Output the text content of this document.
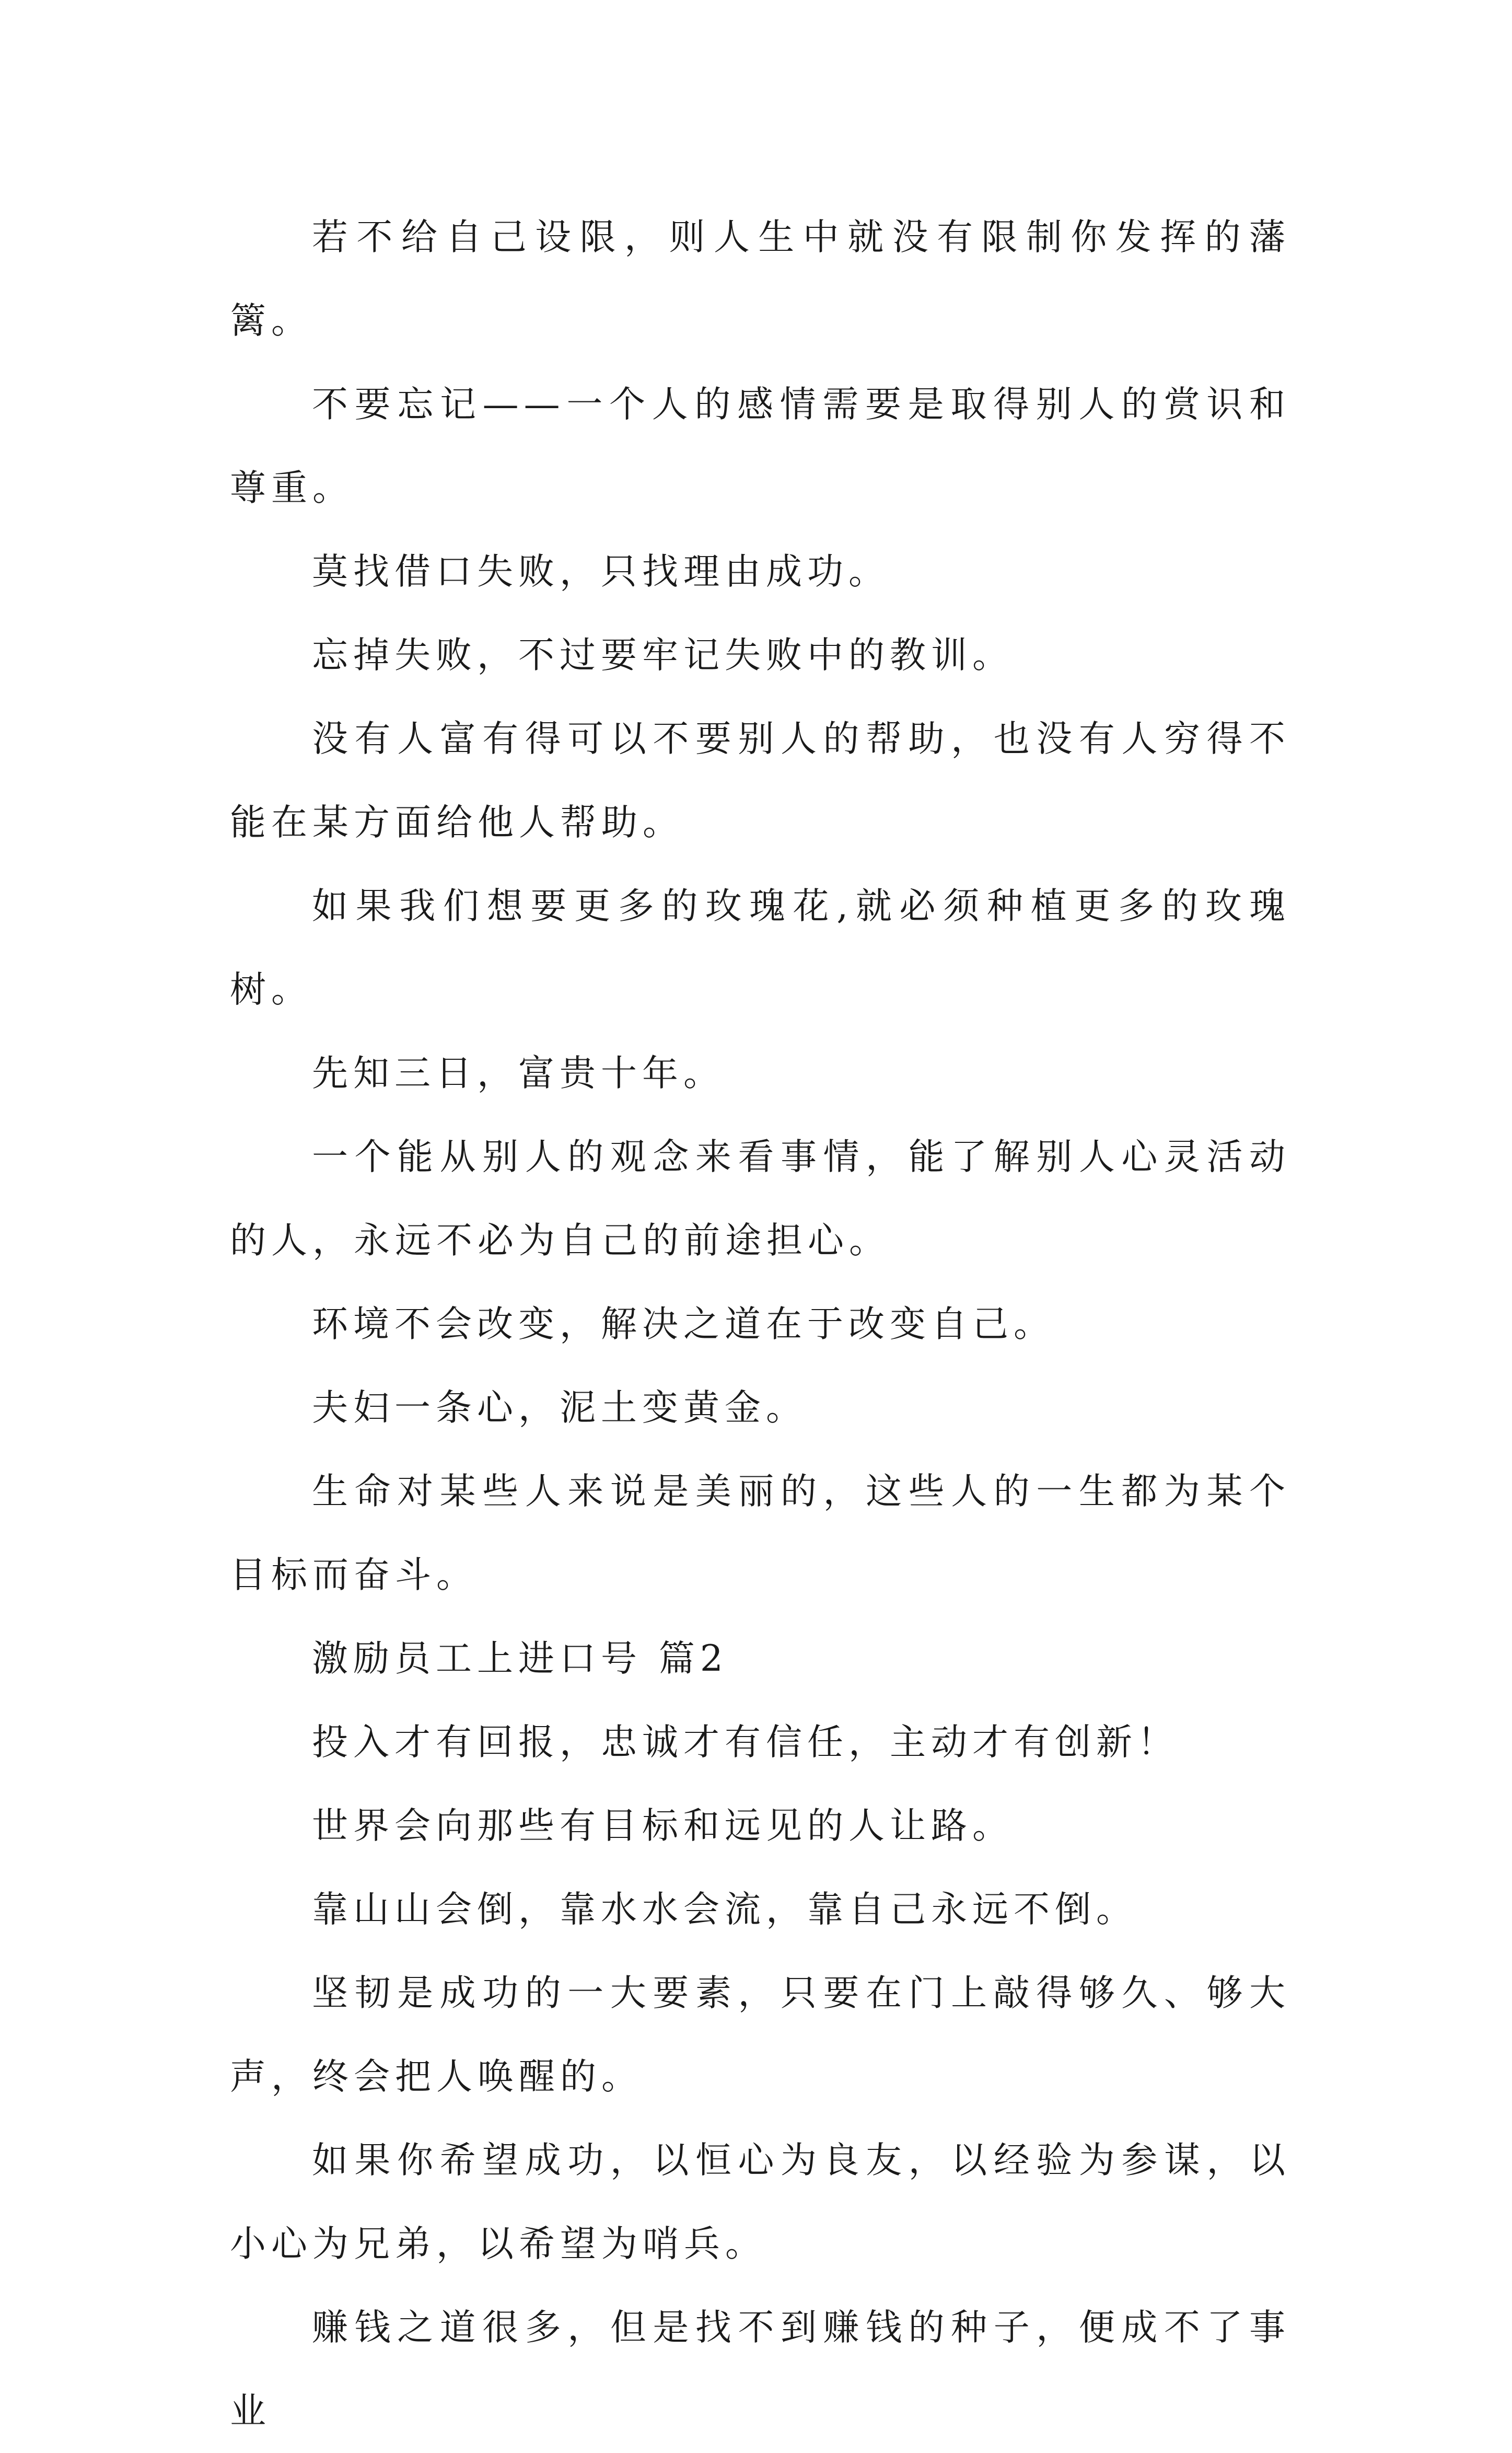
若不给自己设限，则人生中就没有限制你发挥的藩篱。

不要忘记——一个人的感情需要是取得别人的赏识和尊重。

莫找借口失败，只找理由成功。

忘掉失败，不过要牢记失败中的教训。

没有人富有得可以不要别人的帮助，也没有人穷得不能在某方面给他人帮助。

如果我们想要更多的玫瑰花,就必须种植更多的玫瑰树。

先知三日，富贵十年。

一个能从别人的观念来看事情，能了解别人心灵活动的人，永远不必为自己的前途担心。

环境不会改变，解决之道在于改变自己。

夫妇一条心，泥土变黄金。

生命对某些人来说是美丽的，这些人的一生都为某个目标而奋斗。

激励员工上进口号 篇2

投入才有回报，忠诚才有信任，主动才有创新！

世界会向那些有目标和远见的人让路。

靠山山会倒，靠水水会流，靠自己永远不倒。

坚韧是成功的一大要素，只要在门上敲得够久、够大声，终会把人唤醒的。

如果你希望成功，以恒心为良友，以经验为参谋，以小心为兄弟，以希望为哨兵。

赚钱之道很多，但是找不到赚钱的种子，便成不了事业
